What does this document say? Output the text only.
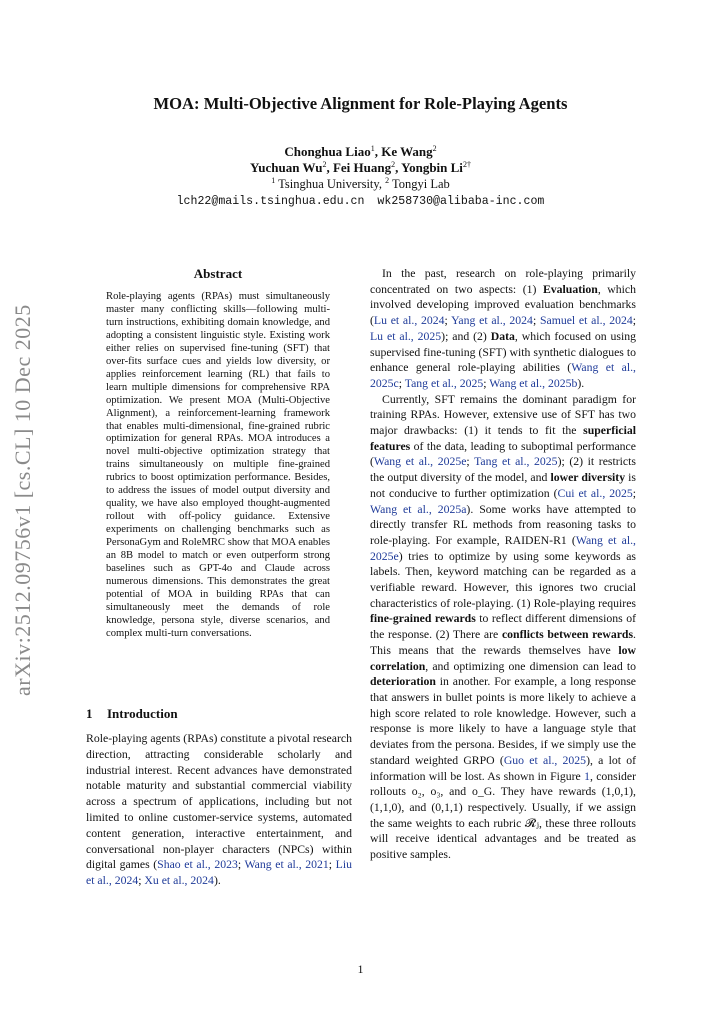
MOA: Multi-Objective Alignment for Role-Playing Agents
Chonghua Liao$^1$, Ke Wang$^2$
Yuchuan Wu$^2$, Fei Huang$^2$, Yongbin $Li^{2\dagger}$
$^1$ Tsinghua University, $^2$ Tongyi Lab
lch22@mails.tsinghua.edu.cn wk258730@alibaba-inc.com
arXiv:2512.09756v1 [cs.CL] 10 Dec 2025
Abstract
Role-playing agents (RPAs) must simultaneously master many conflicting skills—following multi-turn instructions, exhibiting domain knowledge, and adopting a consistent linguistic style. Existing work either relies on supervised fine-tuning (SFT) that over-fits surface cues and yields low diversity, or applies reinforcement learning (RL) that fails to learn multiple dimensions for comprehensive RPA optimization. We present MOA (Multi-Objective Alignment), a reinforcement-learning framework that enables multi-dimensional, fine-grained rubric optimization for general RPAs. MOA introduces a novel multi-objective optimization strategy that trains simultaneously on multiple fine-grained rubrics to boost optimization performance. Besides, to address the issues of model output diversity and quality, we have also employed thought-augmented rollout with off-policy guidance. Extensive experiments on challenging benchmarks such as PersonaGym and RoleMRC show that MOA enables an 8B model to match or even outperform strong baselines such as GPT-4o and Claude across numerous dimensions. This demonstrates the great potential of MOA in building RPAs that can simultaneously meet the demands of role knowledge, persona style, diverse scenarios, and complex multi-turn conversations.
1 Introduction

Role-playing agents (RPAs) constitute a pivotal research direction, attracting considerable scholarly and industrial interest. Recent advances have demonstrated notable maturity and substantial commercial viability across a spectrum of applications, including but not limited to online customer-service systems, automated content generation, interactive entertainment, and conversational non-player characters (NPCs) within digital games (Shao et al., 2023; Wang et al., 2021; Liu et al., 2024; Xu et al., 2024).

In the past, research on role-playing primarily concentrated on two aspects: (1) Evaluation, which involved developing improved evaluation benchmarks (Lu et al., 2024; Yang et al., 2024; Samuel et al., 2024; Lu et al., 2025); and (2) Data, which focused on using supervised fine-tuning (SFT) with synthetic dialogues to enhance general role-playing abilities (Wang et al., 2025c; Tang et al., 2025; Wang et al., 2025b).

Currently, SFT remains the dominant paradigm for training RPAs. However, extensive use of SFT has two major drawbacks: (1) it tends to fit the superficial features of the data, leading to suboptimal performance (Wang et al., 2025e; Tang et al., 2025); (2) it restricts the output diversity of the model, and lower diversity is not conducive to further optimization (Cui et al., 2025; Wang et al., 2025a). Some works have attempted to directly transfer RL methods from reasoning tasks to role-playing. For example, RAIDEN-R1 (Wang et al., 2025e) tries to optimize by using some keywords as labels. Then, keyword matching can be regarded as a verifiable reward. However, this ignores two crucial characteristics of role-playing. (1) Role-playing requires fine-grained rewards to reflect different dimensions of the response. (2) There are conflicts between rewards. This means that the rewards themselves have low correlation, and optimizing one dimension can lead to deterioration in another. For example, a long response that answers in bullet points is more likely to achieve a high score related to role knowledge. However, such a response is more likely to have a language style that deviates from the persona. Besides, if we simply use the standard weighted GRPO (Guo et al., 2025), a lot of information will be lost. As shown in Figure 1, consider rollouts o₂, o₃, and o_G. They have rewards (1,0,1), (1,1,0), and (0,1,1) respectively. Usually, if we assign the same weights to each rubric 𝓡ⱼ, these three rollouts will receive identical advantages and be treated as positive samples.

1
